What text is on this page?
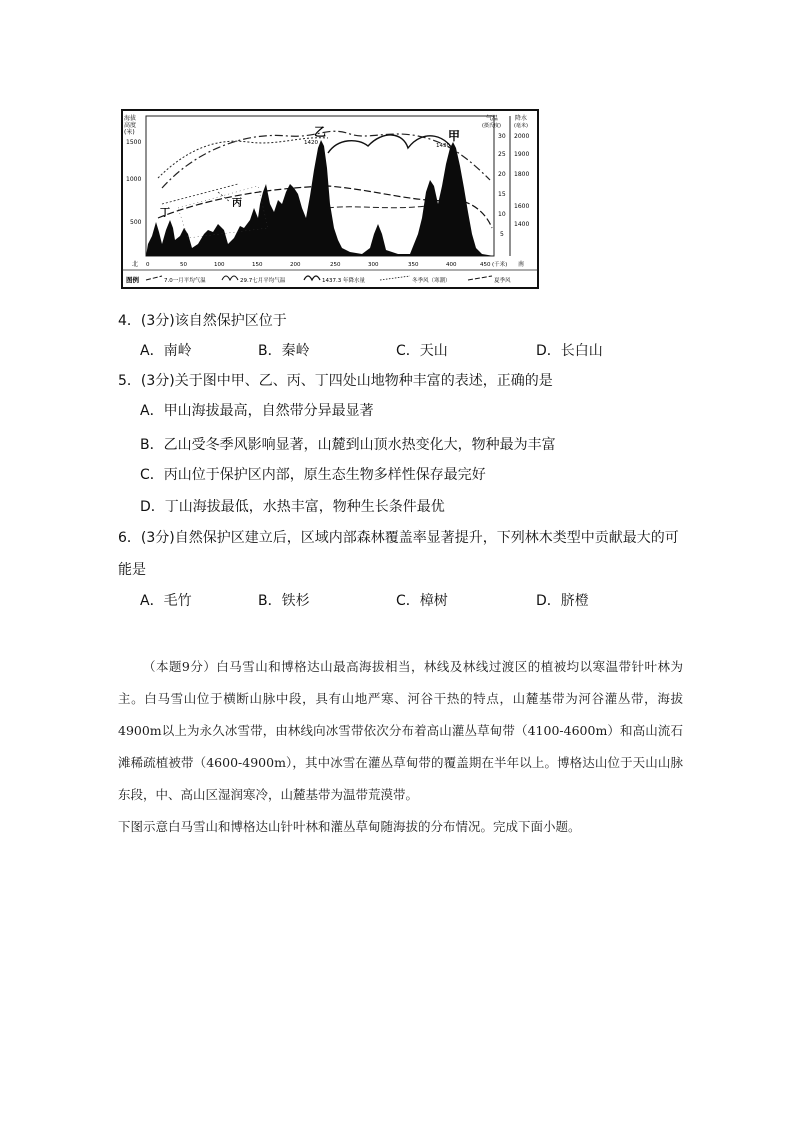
海拔
高度
(米)
1500
1000
500
气温
(摄氏度)
30
25
20
15
10
5
降水
(毫米)
2000
1900
1800
1600
1400
乙
1420	甲
1430
丙
丁
北	南
0	50	100	150	200	250	300	350	400	450 (千米)
图例	7.0一月平均气温	29.7七月平均气温	1437.3 年降水量	冬季风（寒潮）	夏季风
4．(3分)该自然保护区位于
A．南岭	B．秦岭	C．天山	D．长白山
5．(3分)关于图中甲、乙、丙、丁四处山地物种丰富的表述，正确的是
A．甲山海拔最高，自然带分异最显著
B．乙山受冬季风影响显著，山麓到山顶水热变化大，物种最为丰富
C．丙山位于保护区内部，原生态生物多样性保存最完好
D．丁山海拔最低，水热丰富，物种生长条件最优
6．(3分)自然保护区建立后，区域内部森林覆盖率显著提升，下列林木类型中贡献最大的可
能是
A．毛竹	B．铁杉	C．樟树	D．脐橙
（本题9分）白马雪山和博格达山最高海拔相当，林线及林线过渡区的植被均以寒温带针叶林为主。白马雪山位于横断山脉中段，具有山地严寒、河谷干热的特点，山麓基带为河谷灌丛带，海拔4900m以上为永久冰雪带，由林线向冰雪带依次分布着高山灌丛草甸带（4100-4600m）和高山流石滩稀疏植被带（4600-4900m），其中冰雪在灌丛草甸带的覆盖期在半年以上。博格达山位于天山山脉东段，中、高山区湿润寒冷，山麓基带为温带荒漠带。
下图示意白马雪山和博格达山针叶林和灌丛草甸随海拔的分布情况。完成下面小题。
